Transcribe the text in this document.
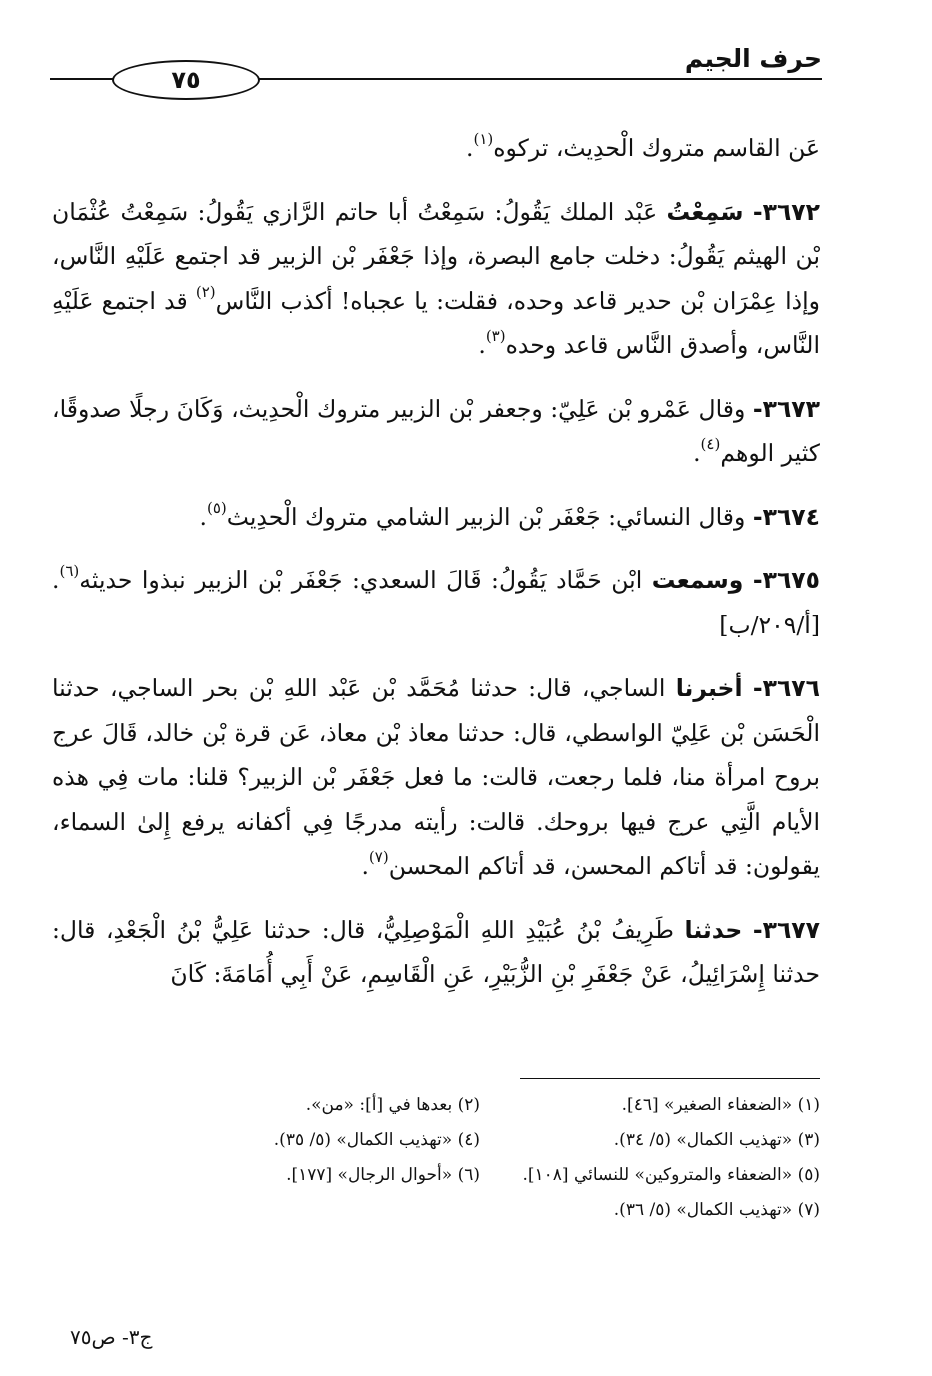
حرف الجيم
٧٥

عَن القاسم متروك الْحدِيث، تركوه$^{(١)}$.

٣٦٧٢- سَمِعْتُ عَبْد الملك يَقُولُ: سَمِعْتُ أبا حاتم الرَّازي يَقُولُ: سَمِعْتُ عُثْمَان بْن الهيثم يَقُولُ: دخلت جامع البصرة، وإذا جَعْفَر بْن الزبير قد اجتمع عَلَيْهِ النَّاس، وإذا عِمْرَان بْن حدير قاعد وحده، فقلت: يا عجباه! أكذب النَّاس$^{(٢)}$ قد اجتمع عَلَيْهِ النَّاس، وأصدق النَّاس قاعد وحده$^{(٣)}$.

٣٦٧٣- وقال عَمْرو بْن عَلِيّ: وجعفر بْن الزبير متروك الْحدِيث، وَكَانَ رجلًا صدوقًا، كثير الوهم$^{(٤)}$.

٣٦٧٤- وقال النسائي: جَعْفَر بْن الزبير الشامي متروك الْحدِيث$^{(٥)}$.

٣٦٧٥- وسمعت ابْن حَمَّاد يَقُولُ: قَالَ السعدي: جَعْفَر بْن الزبير نبذوا حديثه$^{(٦)}$. [أ/٢٠٩/ب]

٣٦٧٦- أخبرنا الساجي، قال: حدثنا مُحَمَّد بْن عَبْد اللهِ بْن بحر الساجي، حدثنا الْحَسَن بْن عَلِيّ الواسطي، قال: حدثنا معاذ بْن معاذ، عَن قرة بْن خالد، قَالَ عرج بروح امرأة منا، فلما رجعت، قالت: ما فعل جَعْفَر بْن الزبير؟ قلنا: مات فِي هذه الأيام الَّتِي عرج فيها بروحك. قالت: رأيته مدرجًا فِي أكفانه يرفع إِلىٰ السماء، يقولون: قد أتاكم المحسن، قد أتاكم المحسن$^{(٧)}$.

٣٦٧٧- حدثنا طَرِيفُ بْنُ عُبَيْدِ اللهِ الْمَوْصِلِيُّ، قال: حدثنا عَلِيُّ بْنُ الْجَعْدِ، قال: حدثنا إِسْرَائِيلُ، عَنْ جَعْفَرِ بْنِ الزُّبَيْرِ، عَنِ الْقَاسِمِ، عَنْ أَبِي أُمَامَةَ: كَانَ

(١) «الضعفاء الصغير» [٤٦].
(٢) بعدها في [أ]: «من».
(٣) «تهذيب الكمال» (٥/ ٣٤).
(٤) «تهذيب الكمال» (٥/ ٣٥).
(٥) «الضعفاء والمتروكين» للنسائي [١٠٨].
(٦) «أحوال الرجال» [١٧٧].
(٧) «تهذيب الكمال» (٥/ ٣٦).
ج٣- ص٧٥
